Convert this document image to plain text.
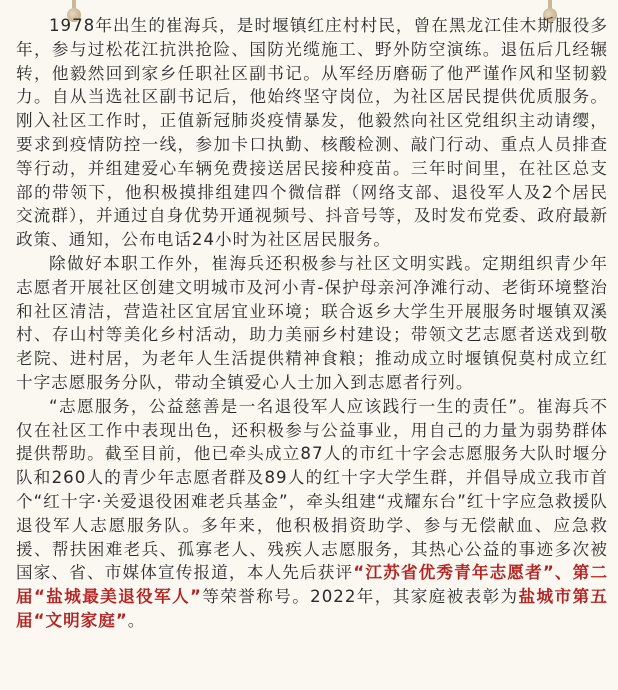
1978年出生的崔海兵，是时堰镇红庄村村民，曾在黑龙江佳木斯服役多年，参与过松花江抗洪抢险、国防光缆施工、野外防空演练。退伍后几经辗转，他毅然回到家乡任职社区副书记。从军经历磨砺了他严谨作风和坚韧毅力。自从当选社区副书记后，他始终坚守岗位，为社区居民提供优质服务。刚入社区工作时，正值新冠肺炎疫情暴发，他毅然向社区党组织主动请缨，要求到疫情防控一线，参加卡口执勤、核酸检测、敲门行动、重点人员排查等行动，并组建爱心车辆免费接送居民接种疫苗。三年时间里，在社区总支部的带领下，他积极摸排组建四个微信群（网络支部、退役军人及2个居民交流群），并通过自身优势开通视频号、抖音号等，及时发布党委、政府最新政策、通知，公布电话24小时为社区居民服务。

除做好本职工作外，崔海兵还积极参与社区文明实践。定期组织青少年志愿者开展社区创建文明城市及河小青-保护母亲河净滩行动、老街环境整治和社区清洁，营造社区宜居宜业环境；联合返乡大学生开展服务时堰镇双溪村、存山村等美化乡村活动，助力美丽乡村建设；带领文艺志愿者送戏到敬老院、进村居，为老年人生活提供精神食粮；推动成立时堰镇倪莫村成立红十字志愿服务分队，带动全镇爱心人士加入到志愿者行列。

“志愿服务，公益慈善是一名退役军人应该践行一生的责任”。崔海兵不仅在社区工作中表现出色，还积极参与公益事业，用自己的力量为弱势群体提供帮助。截至目前，他已牵头成立87人的市红十字会志愿服务大队时堰分队和260人的青少年志愿者群及89人的红十字大学生群，并倡导成立我市首个“红十字·关爱退役困难老兵基金”，牵头组建“戎耀东台”红十字应急救援队退役军人志愿服务队。多年来，他积极捐资助学、参与无偿献血、应急救援、帮扶困难老兵、孤寡老人、残疾人志愿服务，其热心公益的事迹多次被国家、省、市媒体宣传报道，本人先后获评“江苏省优秀青年志愿者”、第二届“盐城最美退役军人”等荣誉称号。2022年，其家庭被表彰为盐城市第五届“文明家庭”。
